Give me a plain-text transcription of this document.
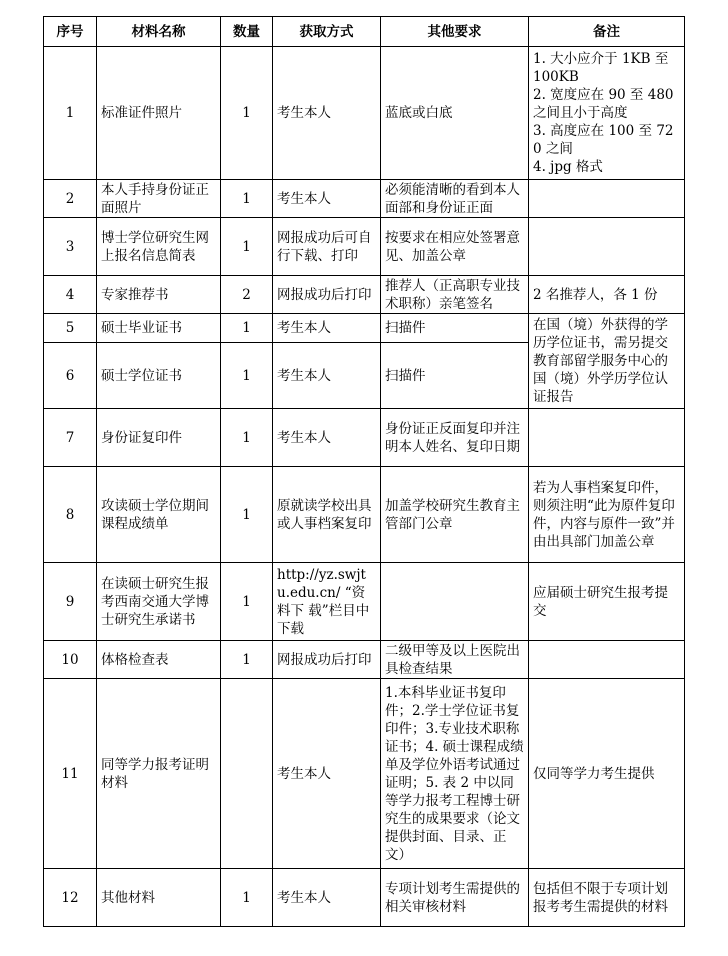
序号	材料名称	数量	获取方式	其他要求	备注
1	标准证件照片	1	考生本人	蓝底或白底	1. 大小应介于 1KB 至 100KB
2. 宽度应在 90 至 480 之间且小于高度
3. 高度应在 100 至 720 之间
4. jpg 格式
2	本人手持身份证正面照片	1	考生本人	必须能清晰的看到本人面部和身份证正面	
3	博士学位研究生网上报名信息简表	1	网报成功后可自行下载、打印	按要求在相应处签署意见、加盖公章	
4	专家推荐书	2	网报成功后打印	推荐人（正高职专业技术职称）亲笔签名	2 名推荐人，各 1 份
5	硕士毕业证书	1	考生本人	扫描件	在国（境）外获得的学历学位证书，需另提交教育部留学服务中心的国（境）外学历学位认证报告
6	硕士学位证书	1	考生本人	扫描件	
7	身份证复印件	1	考生本人	身份证正反面复印并注明本人姓名、复印日期	
8	攻读硕士学位期间课程成绩单	1	原就读学校出具或人事档案复印	加盖学校研究生教育主管部门公章	若为人事档案复印件，则须注明“此为原件复印件，内容与原件一致”并由出具部门加盖公章
9	在读硕士研究生报考西南交通大学博士研究生承诺书	1	http://yz.swjtu.edu.cn/ “资料下 载”栏目中下载		应届硕士研究生报考提交
10	体格检查表	1	网报成功后打印	二级甲等及以上医院出具检查结果	
11	同等学力报考证明材料		考生本人	1.本科毕业证书复印件；2.学士学位证书复印件；3.专业技术职称证书；4. 硕士课程成绩单及学位外语考试通过证明；5. 表 2 中以同等学力报考工程博士研究生的成果要求（论文提供封面、目录、正文）	仅同等学力考生提供
12	其他材料	1	考生本人	专项计划考生需提供的相关审核材料	包括但不限于专项计划报考考生需提供的材料
